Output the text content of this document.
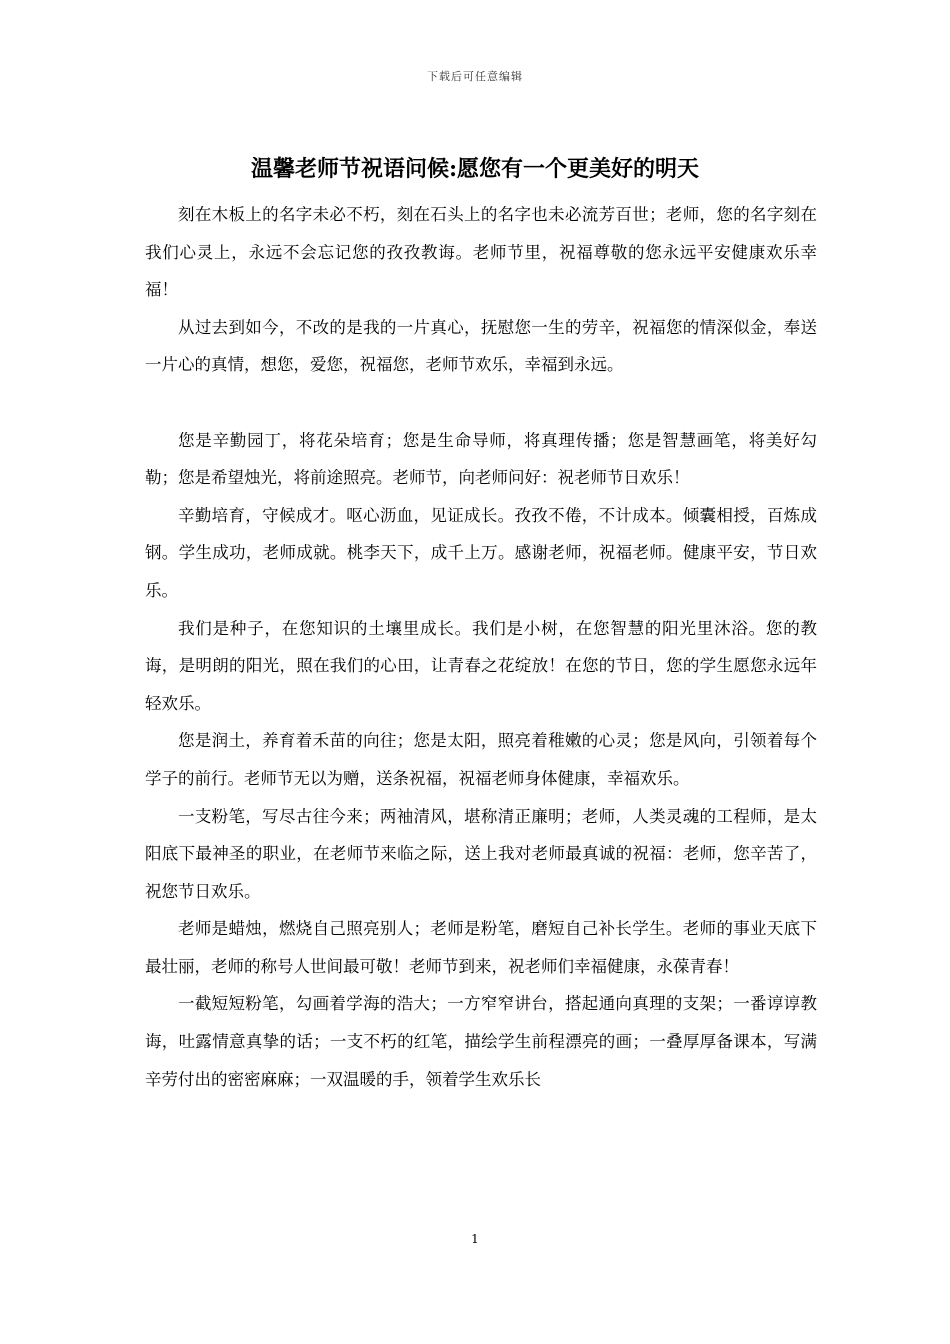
下载后可任意编辑
温馨老师节祝语问候:愿您有一个更美好的明天

刻在木板上的名字未必不朽，刻在石头上的名字也未必流芳百世；老师，您的名字刻在我们心灵上，永远不会忘记您的孜孜教诲。老师节里，祝福尊敬的您永远平安健康欢乐幸福！

从过去到如今，不改的是我的一片真心，抚慰您一生的劳辛，祝福您的情深似金，奉送一片心的真情，想您，爱您，祝福您，老师节欢乐，幸福到永远。

您是辛勤园丁，将花朵培育；您是生命导师，将真理传播；您是智慧画笔，将美好勾勒；您是希望烛光，将前途照亮。老师节，向老师问好：祝老师节日欢乐！

辛勤培育，守候成才。呕心沥血，见证成长。孜孜不倦，不计成本。倾囊相授，百炼成钢。学生成功，老师成就。桃李天下，成千上万。感谢老师，祝福老师。健康平安，节日欢乐。

我们是种子，在您知识的土壤里成长。我们是小树，在您智慧的阳光里沐浴。您的教诲，是明朗的阳光，照在我们的心田，让青春之花绽放！在您的节日，您的学生愿您永远年轻欢乐。

您是润土，养育着禾苗的向往；您是太阳，照亮着稚嫩的心灵；您是风向，引领着每个学子的前行。老师节无以为赠，送条祝福，祝福老师身体健康，幸福欢乐。

一支粉笔，写尽古往今来；两袖清风，堪称清正廉明；老师，人类灵魂的工程师，是太阳底下最神圣的职业，在老师节来临之际，送上我对老师最真诚的祝福：老师，您辛苦了，祝您节日欢乐。

老师是蜡烛，燃烧自己照亮别人；老师是粉笔，磨短自己补长学生。老师的事业天底下最壮丽，老师的称号人世间最可敬！老师节到来，祝老师们幸福健康，永葆青春！

一截短短粉笔，勾画着学海的浩大；一方窄窄讲台，搭起通向真理的支架；一番谆谆教诲，吐露情意真挚的话；一支不朽的红笔，描绘学生前程漂亮的画；一叠厚厚备课本，写满辛劳付出的密密麻麻；一双温暖的手，领着学生欢乐长

1
